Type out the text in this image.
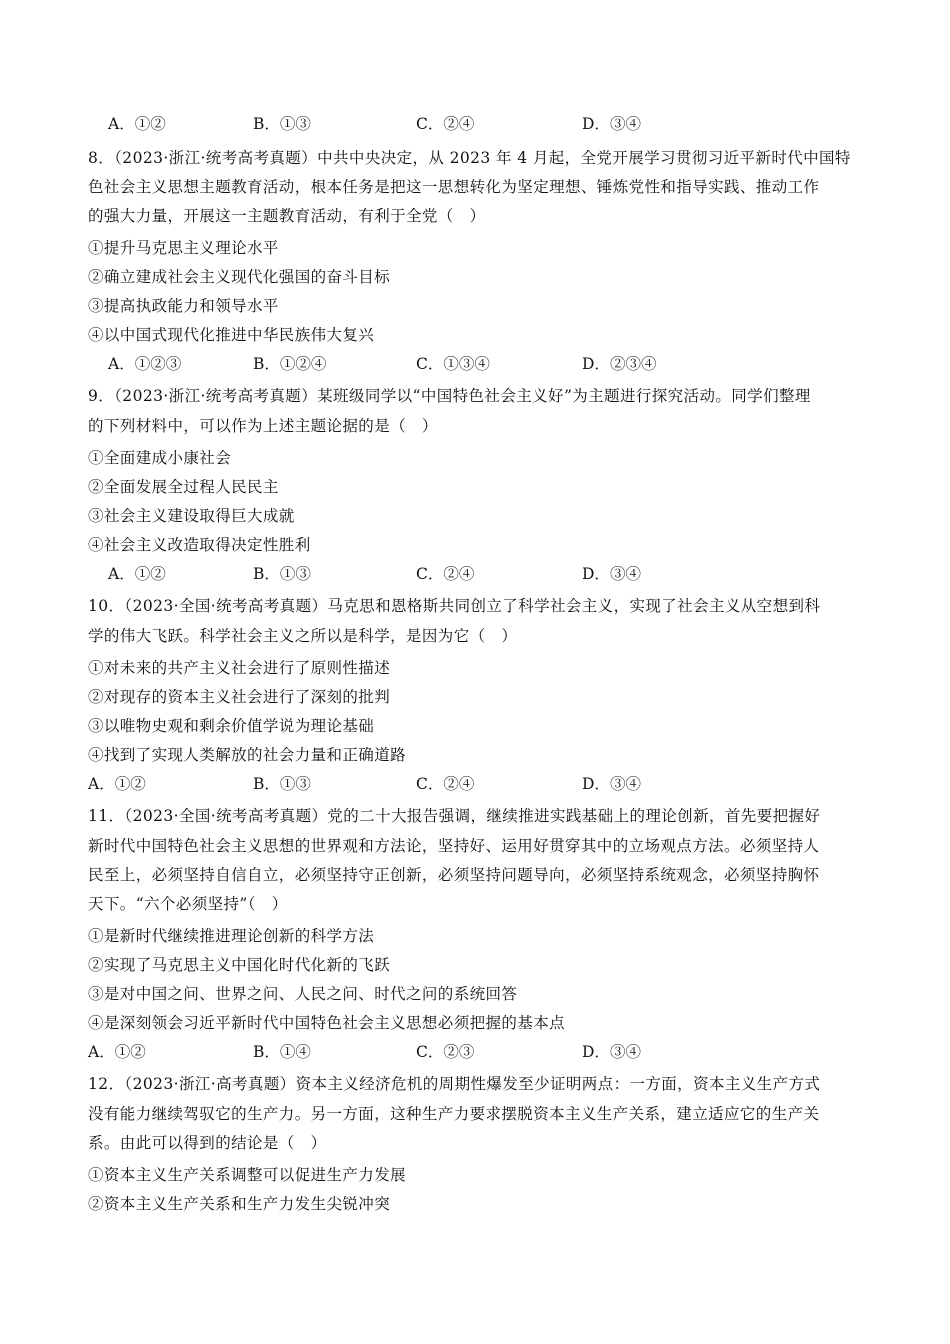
A．①②	B．①③	C．②④	D．③④
8．（2023·浙江·统考高考真题）中共中央决定，从 2023 年 4 月起，全党开展学习贯彻习近平新时代中国特
色社会主义思想主题教育活动，根本任务是把这一思想转化为坚定理想、锤炼党性和指导实践、推动工作
的强大力量，开展这一主题教育活动，有利于全党（　）
①提升马克思主义理论水平
②确立建成社会主义现代化强国的奋斗目标
③提高执政能力和领导水平
④以中国式现代化推进中华民族伟大复兴
A．①②③	B．①②④	C．①③④	D．②③④
9．（2023·浙江·统考高考真题）某班级同学以“中国特色社会主义好”为主题进行探究活动。同学们整理
的下列材料中，可以作为上述主题论据的是（　）
①全面建成小康社会
②全面发展全过程人民民主
③社会主义建设取得巨大成就
④社会主义改造取得决定性胜利
A．①②	B．①③	C．②④	D．③④
10．（2023·全国·统考高考真题）马克思和恩格斯共同创立了科学社会主义，实现了社会主义从空想到科
学的伟大飞跃。科学社会主义之所以是科学，是因为它（　）
①对未来的共产主义社会进行了原则性描述
②对现存的资本主义社会进行了深刻的批判
③以唯物史观和剩余价值学说为理论基础
④找到了实现人类解放的社会力量和正确道路
A．①②	B．①③	C．②④	D．③④
11．（2023·全国·统考高考真题）党的二十大报告强调，继续推进实践基础上的理论创新，首先要把握好
新时代中国特色社会主义思想的世界观和方法论，坚持好、运用好贯穿其中的立场观点方法。必须坚持人
民至上，必须坚持自信自立，必须坚持守正创新，必须坚持问题导向，必须坚持系统观念，必须坚持胸怀
天下。“六个必须坚持”（　）
①是新时代继续推进理论创新的科学方法
②实现了马克思主义中国化时代化新的飞跃
③是对中国之问、世界之问、人民之问、时代之问的系统回答
④是深刻领会习近平新时代中国特色社会主义思想必须把握的基本点
A．①②	B．①④	C．②③	D．③④
12．（2023·浙江·高考真题）资本主义经济危机的周期性爆发至少证明两点：一方面，资本主义生产方式
没有能力继续驾驭它的生产力。另一方面，这种生产力要求摆脱资本主义生产关系，建立适应它的生产关
系。由此可以得到的结论是（　）
①资本主义生产关系调整可以促进生产力发展
②资本主义生产关系和生产力发生尖锐冲突
